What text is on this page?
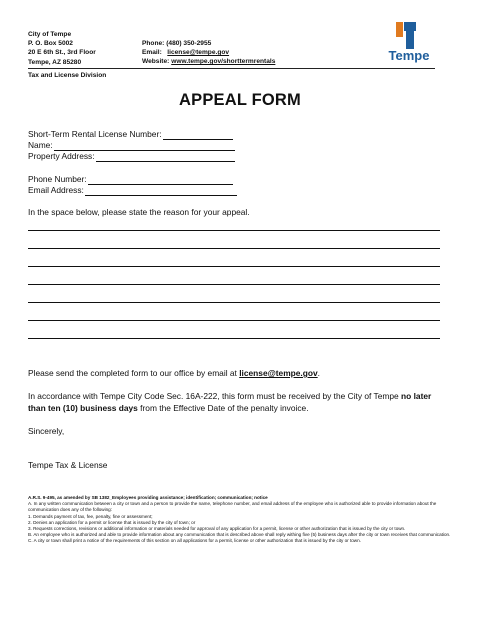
City of Tempe
P. O. Box 5002
20 E 6th St., 3rd Floor
Tempe, AZ 85280
Phone: (480) 350-2955
Email: license@tempe.gov
Website: www.tempe.gov/shorttermrentals	Tempe
Tax and License Division
APPEAL FORM
Short-Term Rental License Number:
Name:
Property Address:
Phone Number:
Email Address:
In the space below, please state the reason for your appeal.
Please send the completed form to our office by email at license@tempe.gov.
In accordance with Tempe City Code Sec. 16A-222, this form must be received by the City of Tempe no later than ten (10) business days from the Effective Date of the penalty invoice.
Sincerely,
Tempe Tax & License
A.R.S. 9-495, as amended by SB 1382_Employees providing assistance; identification; communication; notice
A. In any written communication between a city or town and a person to provide the name, telephone number, and email address of the employee who is authorized able to provide information about the communication does any of the following:
1. Demands payment of tax, fee, penalty, fine or assessment;
2. Denies an application for a permit or license that is issued by the city of town; or
3. Requests corrections, revisions or additional information or materials needed for approval of any application for a permit, license or other authorization that is issued by the city or town.
B. An employee who is authorized and able to provide information about any communication that is described above shall reply withing five (5) business days after the city or town receives that communication.
C. A city or town shall print a notice of the requirements of this section on all applications for a permit, license or other authorization that is issued by the city or town.
